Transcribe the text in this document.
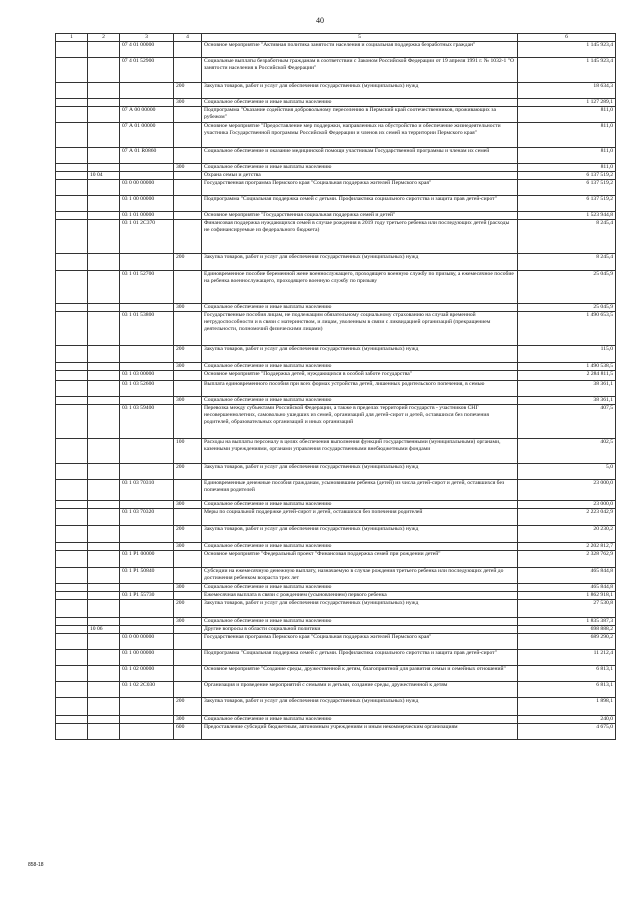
40
1	2	3	4	5	6
		07 4 01 00000		Основное мероприятие "Активная политика занятости населения и социальная поддержка безработных граждан"	1 145 923,4
		07 4 01 52900		Социальные выплаты безработным гражданам в соответствии с Законом Российской Федерации от 19 апреля 1991 г. № 1032-1 "О занятости населения в Российской Федерации"	1 145 923,4
			200	Закупка товаров, работ и услуг для обеспечения государственных (муниципальных) нужд	18 634,3
			300	Социальное обеспечение и иные выплаты населению	1 127 289,1
		07 А 00 00000		Подпрограмма "Оказание содействия добровольному переселению в Пермский край соотечественников, проживающих за рубежом"	811,0
		07 А 01 00000		Основное мероприятие "Предоставление мер поддержки, направленных на обустройство и обеспечение жизнедеятельности участника Государственной программы Российской Федерации и членов их семей на территории Пермского края"	811,0
		07 А 01 R0860		Социальное обеспечение и оказание медицинской помощи участникам Государственной программы и членам их семей	811,0
			300	Социальное обеспечение и иные выплаты населению	811,0
	10 04			Охрана семьи и детства	6 137 519,2
		03 0 00 00000		Государственная программа Пермского края "Социальная поддержка жителей Пермского края"	6 137 519,2
		03 1 00 00000		Подпрограмма "Социальная поддержка семей с детьми. Профилактика социального сиротства и защита прав детей-сирот"	6 137 519,2
		03 1 01 00000		Основное мероприятие "Государственная социальная поддержка семей и детей"	1 523 944,8
		03 1 01 2С370		Финансовая поддержка нуждающихся семей в случае рождения в 2019 году третьего ребенка или последующих детей (расходы не софинансируемые из федерального бюджета)	8 245,4
			200	Закупка товаров, работ и услуг для обеспечения государственных (муниципальных) нужд	8 245,4
		03 1 01 52700		Единовременное пособие беременной жене военнослужащего, проходящего военную службу по призыву, а ежемесячное пособие на ребенка военнослужащего, проходящего военную службу по призыву	25 045,9
			300	Социальное обеспечение и иные выплаты населению	25 045,9
		03 1 01 53800		Государственные пособия лицам, не подлежащим обязательному социальному страхованию на случай временной нетрудоспособности и в связи с материнством, и лицам, уволенным в связи с ликвидацией организаций (прекращением деятельности, полномочий физическими лицами)	1 490 653,5
			200	Закупка товаров, работ и услуг для обеспечения государственных (муниципальных) нужд	115,0
			300	Социальное обеспечение и иные выплаты населению	1 490 538,5
		03 1 03 00000		Основное мероприятие "Поддержка детей, нуждающихся в особой заботе государства"	2 284 811,5
		03 1 03 52600		Выплата единовременного пособия при всех формах устройства детей, лишенных родительского попечения, в семью	38 361,1
			300	Социальное обеспечение и иные выплаты населению	38 361,1
		03 1 03 59400		Перевозка между субъектами Российской Федерации, а также в пределах территорий государств - участников СНГ несовершеннолетних, самовольно ушедших из семей, организаций для детей-сирот и детей, оставшихся без попечения родителей, образовательных организаций и иных организаций	407,5
			100	Расходы на выплаты персоналу в целях обеспечения выполнения функций государственными (муниципальными) органами, казенными учреждениями, органами управления государственными внебюджетными фондами	402,5
			200	Закупка товаров, работ и услуг для обеспечения государственных (муниципальных) нужд	5,0
		03 1 03 70310		Единовременные денежные пособия гражданам, усыновившим ребенка (детей) из числа детей-сирот и детей, оставшихся без попечения родителей	23 000,0
			300	Социальное обеспечение и иные выплаты населению	23 000,0
		03 1 03 70320		Меры по социальной поддержке детей-сирот и детей, оставшихся без попечения родителей	2 223 042,9
			200	Закупка товаров, работ и услуг для обеспечения государственных (муниципальных) нужд	20 230,2
			300	Социальное обеспечение и иные выплаты населению	2 202 812,7
		03 1 Р1 00000		Основное мероприятие "Федеральный проект "Финансовая поддержка семей при рождении детей"	2 328 762,9
		03 1 Р1 50840		Субсидии на ежемесячную денежную выплату, назначаемую в случае рождения третьего ребенка или последующих детей до достижения ребенком возраста трех лет	465 844,8
			300	Социальное обеспечение и иные выплаты населению	465 844,8
		03 1 Р1 55730		Ежемесячная выплата в связи с рождением (усыновлением) первого ребенка	1 862 918,1
			200	Закупка товаров, работ и услуг для обеспечения государственных (муниципальных) нужд	27 530,8
			300	Социальное обеспечение и иные выплаты населению	1 835 387,3
	10 06			Другие вопросы в области социальной политики	698 888,2
		03 0 00 00000		Государственная программа Пермского края "Социальная поддержка жителей Пермского края"	689 290,2
		03 1 00 00000		Подпрограмма "Социальная поддержка семей с детьми. Профилактика социального сиротства и защита прав детей-сирот"	11 212,4
		03 1 02 00000		Основное мероприятие "Создание среды, дружественной к детям, благоприятной для развития семьи и семейных отношений"	6 813,1
		03 1 02 2С030		Организация и проведение мероприятий с семьями и детьми, создание среды, дружественной к детям	6 813,1
			200	Закупка товаров, работ и услуг для обеспечения государственных (муниципальных) нужд	1 898,1
			300	Социальное обеспечение и иные выплаты населению	240,0
			600	Предоставление субсидий бюджетным, автономным учреждениям и иным некоммерческим организациям	4 675,0
858-18
